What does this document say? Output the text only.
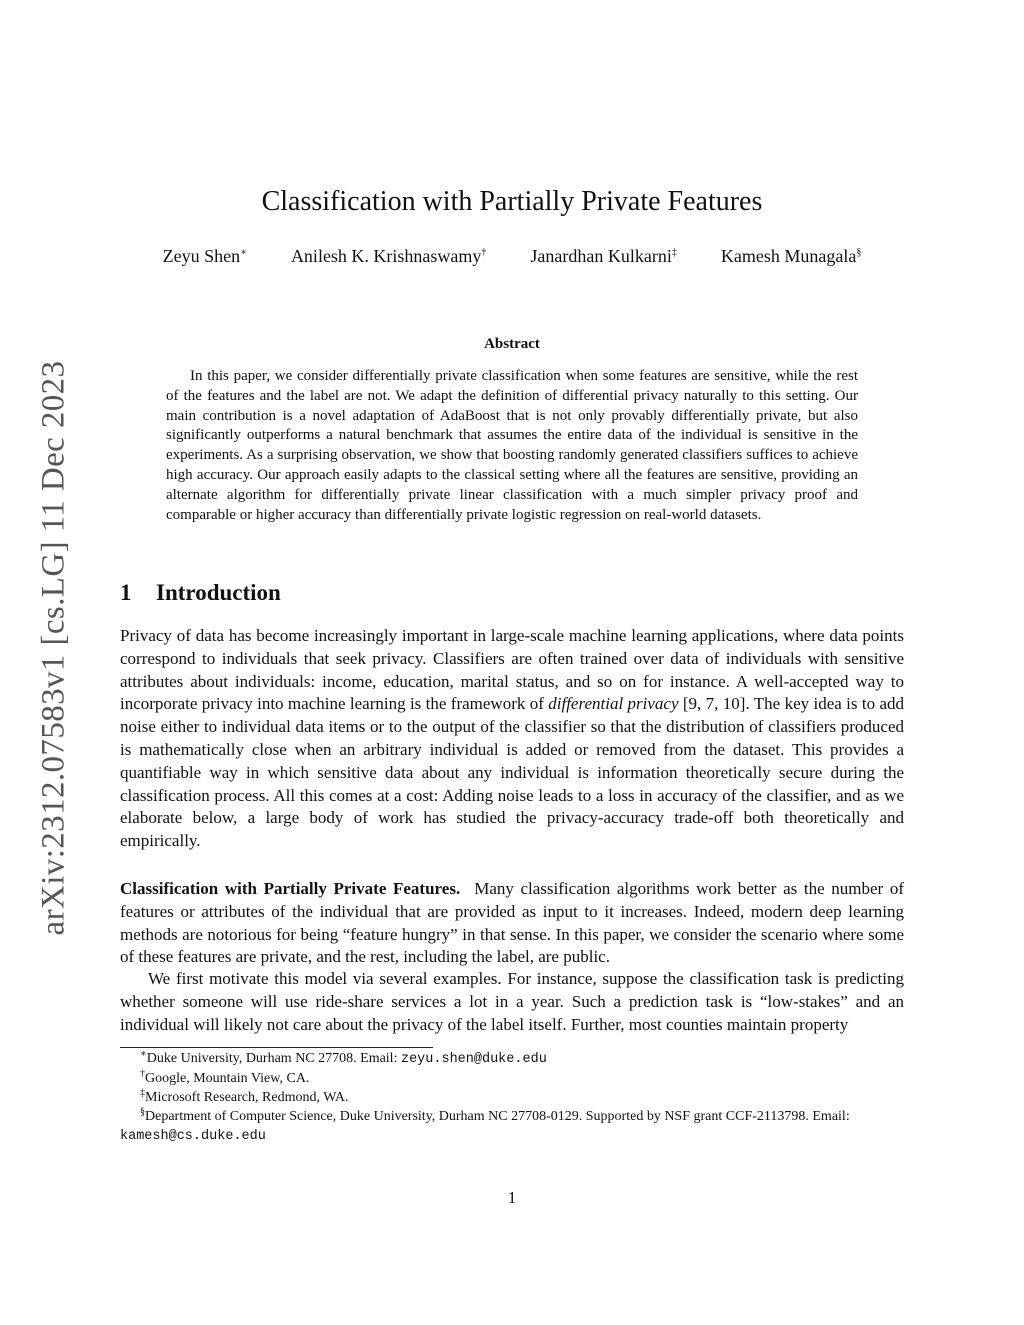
arXiv:2312.07583v1 [cs.LG] 11 Dec 2023
Classification with Partially Private Features
Zeyu Shen∗ Anilesh K. Krishnaswamy† Janardhan Kulkarni‡ Kamesh Munagala§
Abstract

In this paper, we consider differentially private classification when some features are sensitive, while the rest of the features and the label are not. We adapt the definition of differential privacy naturally to this setting. Our main contribution is a novel adaptation of AdaBoost that is not only provably differentially private, but also significantly outperforms a natural benchmark that assumes the entire data of the individual is sensitive in the experiments. As a surprising observation, we show that boosting randomly generated classifiers suffices to achieve high accuracy. Our approach easily adapts to the classical setting where all the features are sensitive, providing an alternate algorithm for differentially private linear classification with a much simpler privacy proof and comparable or higher accuracy than differentially private logistic regression on real-world datasets.

1 Introduction

Privacy of data has become increasingly important in large-scale machine learning applications, where data points correspond to individuals that seek privacy. Classifiers are often trained over data of individuals with sensitive attributes about individuals: income, education, marital status, and so on for instance. A well-accepted way to incorporate privacy into machine learning is the framework of differential privacy [9, 7, 10]. The key idea is to add noise either to individual data items or to the output of the classifier so that the distribution of classifiers produced is mathematically close when an arbitrary individual is added or removed from the dataset. This provides a quantifiable way in which sensitive data about any individual is information theoretically secure during the classification process. All this comes at a cost: Adding noise leads to a loss in accuracy of the classifier, and as we elaborate below, a large body of work has studied the privacy-accuracy trade-off both theoretically and empirically.

Classification with Partially Private Features. Many classification algorithms work better as the number of features or attributes of the individual that are provided as input to it increases. Indeed, modern deep learning methods are notorious for being “feature hungry” in that sense. In this paper, we consider the scenario where some of these features are private, and the rest, including the label, are public.

We first motivate this model via several examples. For instance, suppose the classification task is predicting whether someone will use ride-share services a lot in a year. Such a prediction task is “low-stakes” and an individual will likely not care about the privacy of the label itself. Further, most counties maintain property

∗Duke University, Durham NC 27708. Email: zeyu.shen@duke.edu

†Google, Mountain View, CA.

‡Microsoft Research, Redmond, WA.

§Department of Computer Science, Duke University, Durham NC 27708-0129. Supported by NSF grant CCF-2113798. Email: kamesh@cs.duke.edu

1
